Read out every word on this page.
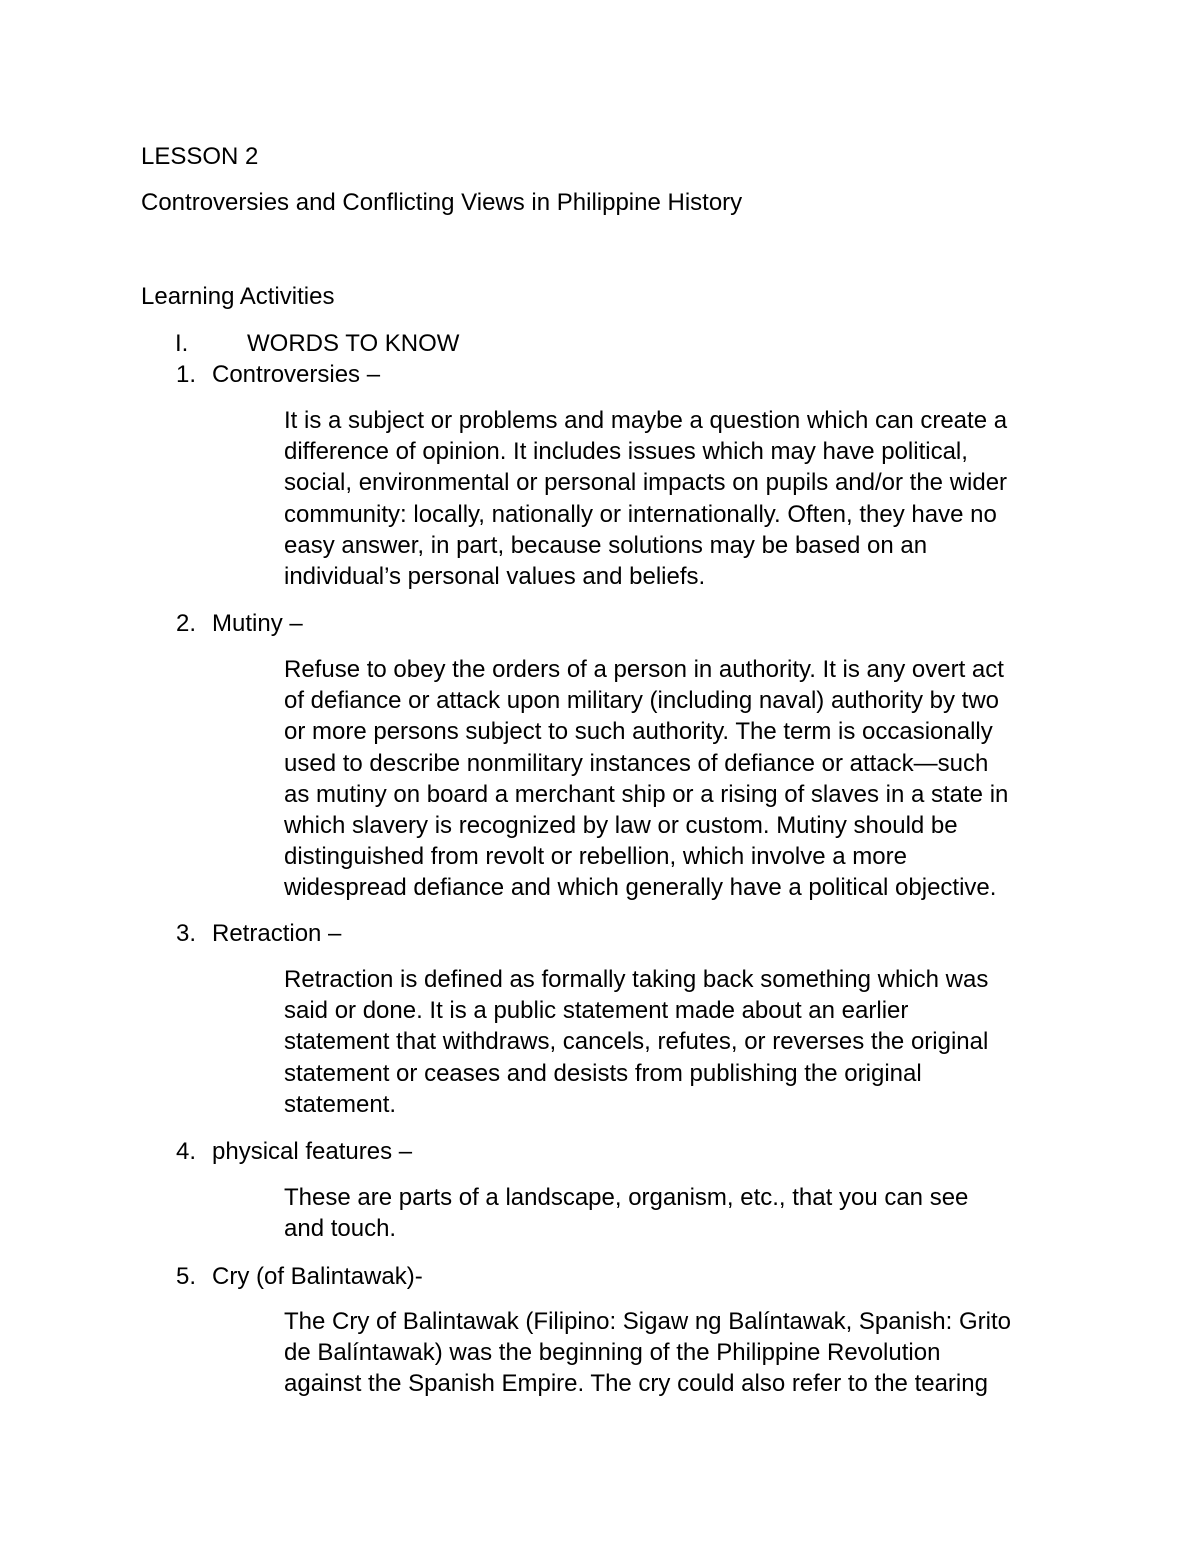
LESSON 2
Controversies and Conflicting Views in Philippine History
Learning Activities
I. WORDS TO KNOW
1. Controversies –
It is a subject or problems and maybe a question which can create a
difference of opinion. It includes issues which may have political,
social, environmental or personal impacts on pupils and/or the wider
community: locally, nationally or internationally. Often, they have no
easy answer, in part, because solutions may be based on an
individual’s personal values and beliefs.
2. Mutiny –
Refuse to obey the orders of a person in authority. It is any overt act
of defiance or attack upon military (including naval) authority by two
or more persons subject to such authority. The term is occasionally
used to describe nonmilitary instances of defiance or attack—such
as mutiny on board a merchant ship or a rising of slaves in a state in
which slavery is recognized by law or custom. Mutiny should be
distinguished from revolt or rebellion, which involve a more
widespread defiance and which generally have a political objective.
3. Retraction –
Retraction is defined as formally taking back something which was
said or done. It is a public statement made about an earlier
statement that withdraws, cancels, refutes, or reverses the original
statement or ceases and desists from publishing the original
statement.
4. physical features –
These are parts of a landscape, organism, etc., that you can see
and touch.
5. Cry (of Balintawak)-
The Cry of Balintawak (Filipino: Sigaw ng Balíntawak, Spanish: Grito
de Balíntawak) was the beginning of the Philippine Revolution
against the Spanish Empire. The cry could also refer to the tearing
